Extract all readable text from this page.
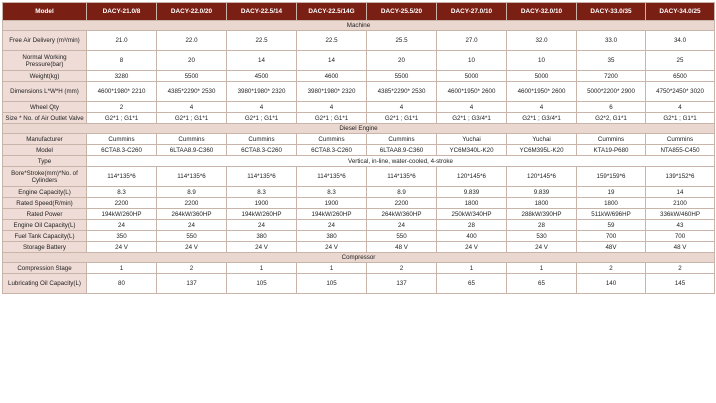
Model	DACY-21.0/8	DACY-22.0/20	DACY-22.5/14	DACY-22.5/14G	DACY-25.5/20	DACY-27.0/10	DACY-32.0/10	DACY-33.0/35	DACY-34.0/25
Machine									
Free Air Delivery (m³/min)	21.0	22.0	22.5	22.5	25.5	27.0	32.0	33.0	34.0
Normal Working Pressure(bar)	8	20	14	14	20	10	10	35	25
Weight(kg)	3280	5500	4500	4600	5500	5000	5000	7200	6500
Dimensions L*W*H (mm)	4600*1980* 2210	4385*2290* 2530	3980*1980* 2320	3980*1980* 2320	4385*2290* 2530	4600*1950* 2600	4600*1950* 2600	5000*2200* 2900	4750*2450* 3020
Wheel Qty	2	4	4	4	4	4	4	6	4
Size * No. of Air Outlet Valve	G2*1 ; G1*1	G2*1 ; G1*1	G2*1 ; G1*1	G2*1 ; G1*1	G2*1 ; G1*1	G2*1 ; G3/4*1	G2*1 ; G3/4*1	G2*2, G1*1	G2*1 ; G1*1
Diesel Engine									
Manufacturer	Cummins	Cummins	Cummins	Cummins	Cummins	Yuchai	Yuchai	Cummins	Cummins
Model	6CTA8.3-C260	6LTAA8.9-C360	6CTA8.3-C260	6CTA8.3-C260	6LTAA8.9-C360	YC6M340L-K20	YC6M395L-K20	KTA19-P680	NTA855-C450
Type	Vertical, in-line, water-cooled, 4-stroke								
Bore*Stroke(mm)*No. of Cylinders	114*135*6	114*135*6	114*135*6	114*135*6	114*135*6	120*145*6	120*145*6	159*159*6	139*152*6
Engine Capacity(L)	8.3	8.9	8.3	8.3	8.9	9.839	9.839	19	14
Rated Speed(R/min)	2200	2200	1900	1900	2200	1800	1800	1800	2100
Rated Power	194kW/260HP	264kW/360HP	194kW/260HP	194kW/260HP	264kW/360HP	250kW/340HP	288kW/390HP	511kW/696HP	336kW/460HP
Engine Oil Capacity(L)	24	24	24	24	24	28	28	59	43
Fuel Tank Capacity(L)	350	550	380	380	550	400	530	700	700
Storage Battery	24 V	24 V	24 V	24 V	48 V	24 V	24 V	48V	48 V
Compressor									
Compression Stage	1	2	1	1	2	1	1	2	2
Lubricating Oil Capacity(L)	80	137	105	105	137	65	65	140	145
